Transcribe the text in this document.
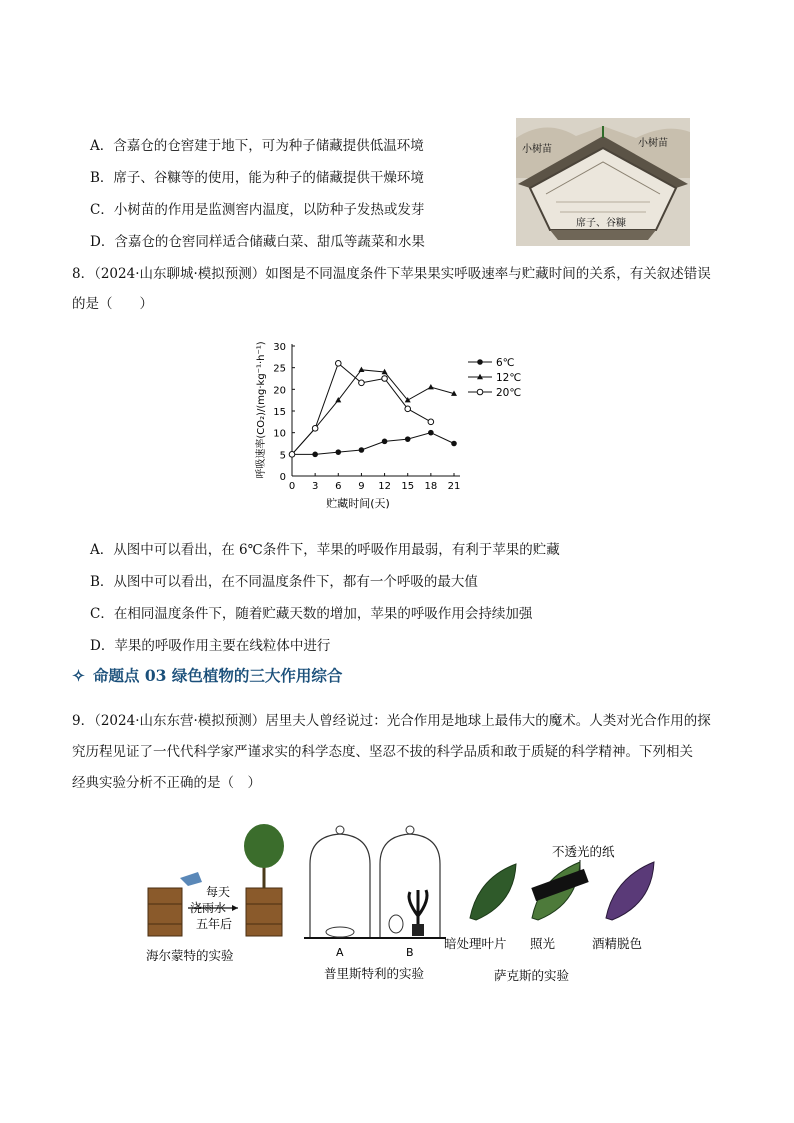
A．含嘉仓的仓窖建于地下，可为种子储藏提供低温环境
B．席子、谷糠等的使用，能为种子的储藏提供干燥环境
C．小树苗的作用是监测窖内温度，以防种子发热或发芽
D．含嘉仓的仓窖同样适合储藏白菜、甜瓜等蔬菜和水果
小树苗
小树苗
席子、谷糠
8．（2024·山东聊城·模拟预测）如图是不同温度条件下苹果果实呼吸速率与贮藏时间的关系，有关叙述错误
的是（　　）
0 3 6 9 12 15 18 21
0
5
10
15
20
25
30
6℃
12℃
20℃
贮藏时间(天)
呼吸速率(CO₂)/(mg·kg⁻¹·h⁻¹)
A．从图中可以看出，在 6℃条件下，苹果的呼吸作用最弱，有利于苹果的贮藏
B．从图中可以看出，在不同温度条件下，都有一个呼吸的最大值
C．在相同温度条件下，随着贮藏天数的增加，苹果的呼吸作用会持续加强
D．苹果的呼吸作用主要在线粒体中进行
✧ 命题点 03 绿色植物的三大作用综合
9．（2024·山东东营·模拟预测）居里夫人曾经说过：光合作用是地球上最伟大的魔术。人类对光合作用的探
究历程见证了一代代科学家严谨求实的科学态度、坚忍不拔的科学品质和敢于质疑的科学精神。下列相关
经典实验分析不正确的是（　）
每天
浇雨水
五年后
海尔蒙特的实验	A	B
普里斯特利的实验
不透光的纸
暗处理叶片 照光	酒精脱色
萨克斯的实验
